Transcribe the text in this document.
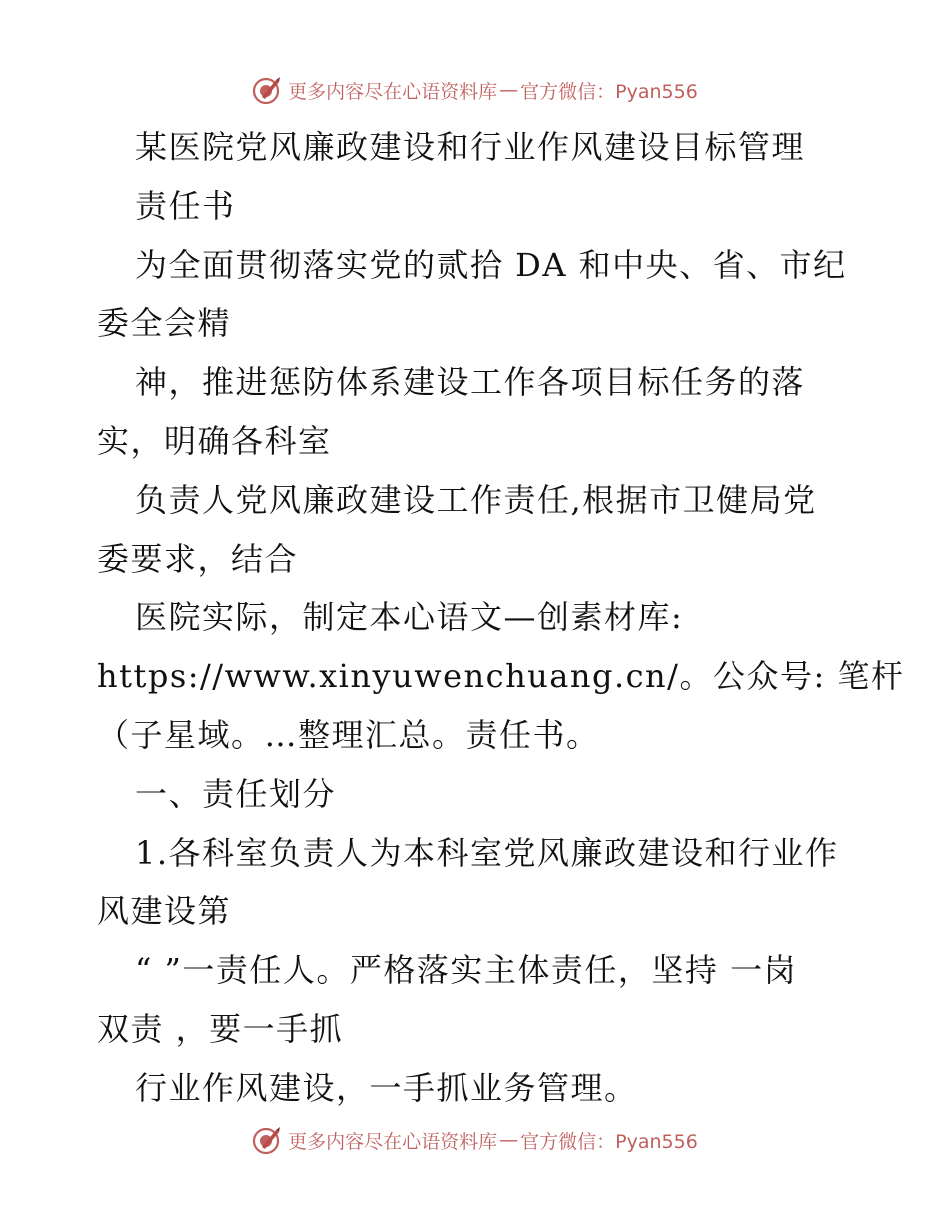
更多内容尽在心语资料库 — 官方微信：Pyan556
某医院党风廉政建设和行业作风建设目标管理
责任书
为全面贯彻落实党的贰拾 DA 和中央、省、市纪
委全会精
神，推进惩防体系建设工作各项目标任务的落
实，明确各科室
负责人党风廉政建设工作责任,根据市卫健局党
委要求，结合
医院实际，制定本心语文—创素材库:
https://www.xinyuwenchuang.cn/。公众号: 笔杆
（子星域。…整理汇总。责任书。
一、责任划分
1.各科室负责人为本科室党风廉政建设和行业作
风建设第
“ ”一责任人。严格落实主体责任，坚持 一岗
双责 ，要一手抓
行业作风建设，一手抓业务管理。
更多内容尽在心语资料库 — 官方微信：Pyan556
